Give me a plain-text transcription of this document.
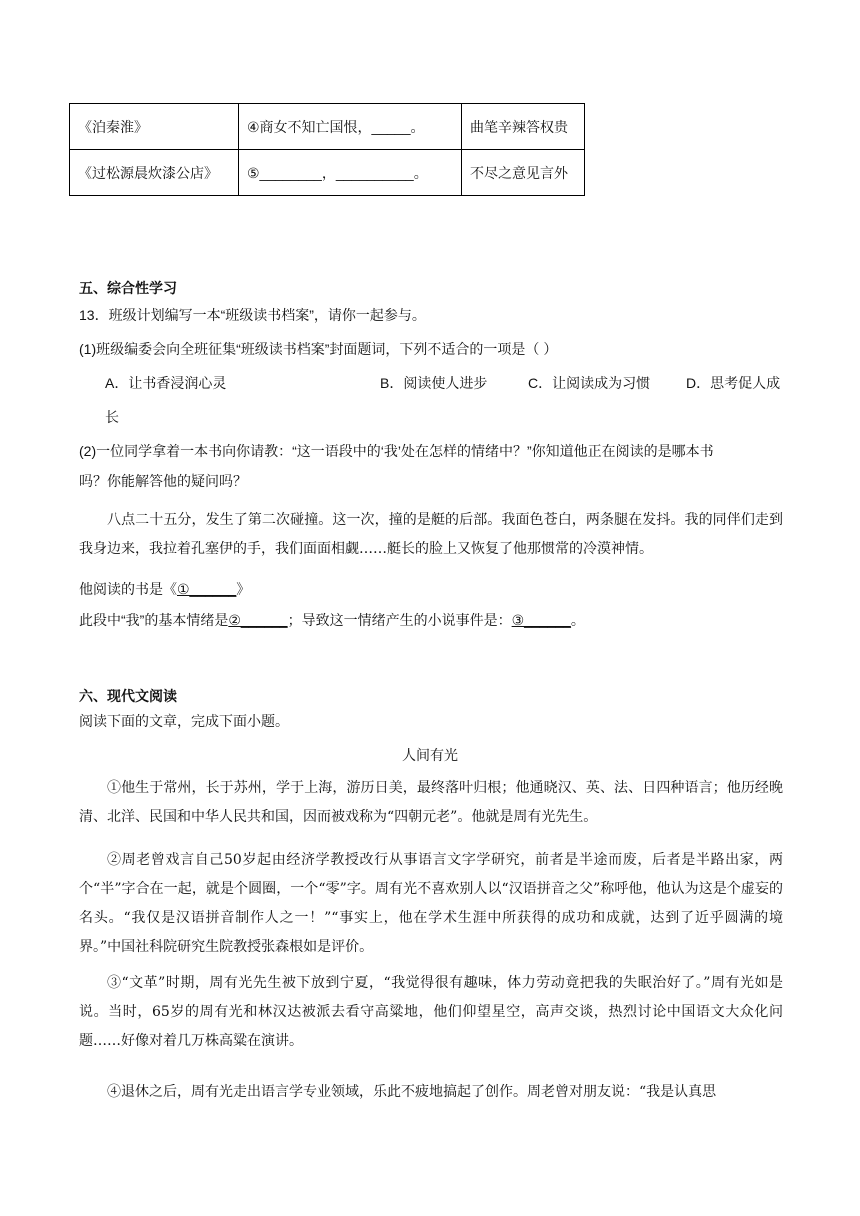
《泊秦淮》	④商女不知亡国恨，_____。	曲笔辛辣答权贵
《过松源晨炊漆公店》	⑤________，__________。	不尽之意见言外
五、综合性学习
13．班级计划编写一本“班级读书档案”，请你一起参与。
(1)班级编委会向全班征集“班级读书档案”封面题词，下列不适合的一项是（ ）
A．让书香浸润心灵	B．阅读使人进步	C．让阅读成为习惯	D．思考促人成
长
(2)一位同学拿着一本书向你请教：“这一语段中的‘我’处在怎样的情绪中？”你知道他正在阅读的是哪本书
吗？你能解答他的疑问吗？
八点二十五分，发生了第二次碰撞。这一次，撞的是艇的后部。我面色苍白，两条腿在发抖。我的同伴们走到我身边来，我拉着孔塞伊的手，我们面面相觑……艇长的脸上又恢复了他那惯常的冷漠神情。
他阅读的书是《①______》
此段中“我”的基本情绪是②______；导致这一情绪产生的小说事件是：③______。
六、现代文阅读
阅读下面的文章，完成下面小题。
人间有光
①他生于常州，长于苏州，学于上海，游历日美，最终落叶归根；他通晓汉、英、法、日四种语言；他历经晚清、北洋、民国和中华人民共和国，因而被戏称为“四朝元老”。他就是周有光先生。
②周老曾戏言自己50岁起由经济学教授改行从事语言文字学研究，前者是半途而废，后者是半路出家，两个“半”字合在一起，就是个圆圈，一个“零”字。周有光不喜欢别人以“汉语拼音之父”称呼他，他认为这是个虚妄的名头。“我仅是汉语拼音制作人之一！”“事实上，他在学术生涯中所获得的成功和成就，达到了近乎圆满的境界。”中国社科院研究生院教授张森根如是评价。
③“文革”时期，周有光先生被下放到宁夏，“我觉得很有趣味，体力劳动竟把我的失眠治好了。”周有光如是说。当时，65岁的周有光和林汉达被派去看守高粱地，他们仰望星空，高声交谈，热烈讨论中国语文大众化问题……好像对着几万株高粱在演讲。
④退休之后，周有光走出语言学专业领域，乐此不疲地搞起了创作。周老曾对朋友说：“我是认真思
